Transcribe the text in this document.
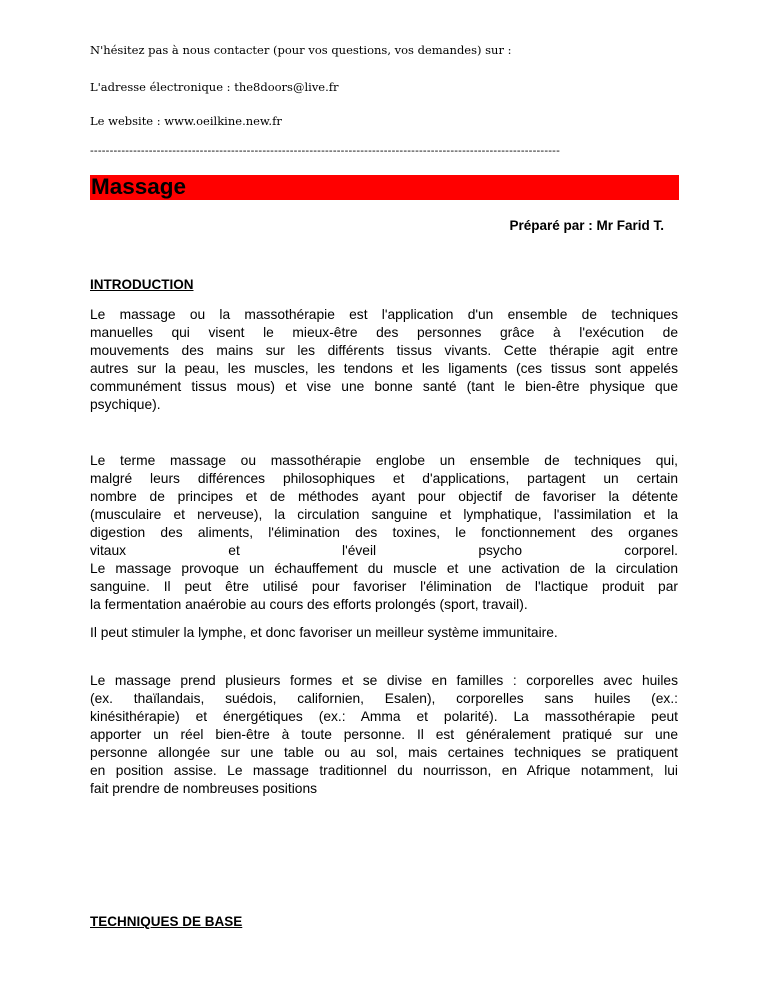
N'hésitez pas à nous contacter (pour vos questions, vos demandes) sur :
L'adresse électronique : the8doors@live.fr
Le website : www.oeilkine.new.fr
------------------------------------------------------------------------------------------------------------------------
Massage
Préparé par : Mr Farid T.
INTRODUCTION
Le massage ou la massothérapie est l'application d'un ensemble de techniques
manuelles qui visent le mieux-être des personnes grâce à l'exécution de
mouvements des mains sur les différents tissus vivants. Cette thérapie agit entre
autres sur la peau, les muscles, les tendons et les ligaments (ces tissus sont appelés
communément tissus mous) et vise une bonne santé (tant le bien-être physique que
psychique).
Le terme massage ou massothérapie englobe un ensemble de techniques qui,
malgré leurs différences philosophiques et d'applications, partagent un certain
nombre de principes et de méthodes ayant pour objectif de favoriser la détente
(musculaire et nerveuse), la circulation sanguine et lymphatique, l'assimilation et la
digestion des aliments, l'élimination des toxines, le fonctionnement des organes
vitaux et l'éveil psycho corporel.
Le massage provoque un échauffement du muscle et une activation de la circulation
sanguine. Il peut être utilisé pour favoriser l'élimination de l'lactique produit par
la fermentation anaérobie au cours des efforts prolongés (sport, travail).
Il peut stimuler la lymphe, et donc favoriser un meilleur système immunitaire.
Le massage prend plusieurs formes et se divise en familles : corporelles avec huiles
(ex. thaïlandais, suédois, californien, Esalen), corporelles sans huiles (ex.:
kinésithérapie) et énergétiques (ex.: Amma et polarité). La massothérapie peut
apporter un réel bien-être à toute personne. Il est généralement pratiqué sur une
personne allongée sur une table ou au sol, mais certaines techniques se pratiquent
en position assise. Le massage traditionnel du nourrisson, en Afrique notamment, lui
fait prendre de nombreuses positions
TECHNIQUES DE BASE
